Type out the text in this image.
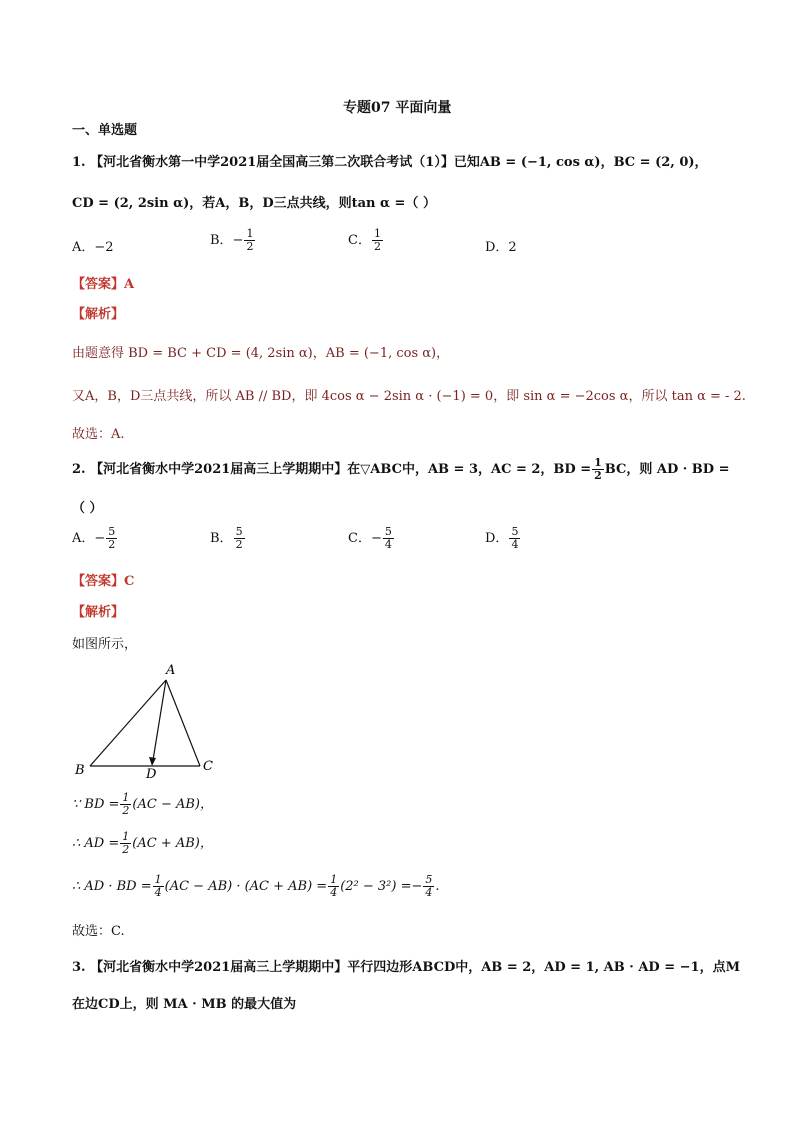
专题07 平面向量
一、单选题
1. 【河北省衡水第一中学2021届全国高三第二次联合考试（1）】已知AB = (−1, cos α)，BC = (2, 0)，
CD = (2, 2sin α)，若A，B，D三点共线，则tan α =（ ）
A．−2	B．− $\frac{1}{2}$	C． $\frac{1}{2}$	D．2
【答案】A
【解析】
由题意得 BD = BC + CD = (4, 2sin α)，AB = (−1, cos α)，
又A，B，D三点共线，所以 AB // BD，即 4cos α − 2sin α · (−1) = 0，即 sin α = −2cos α，所以 tan α = - 2.
故选：A.
2. 【河北省衡水中学2021届高三上学期期中】在▽ABC中，AB = 3，AC = 2，BD = $\frac{1}{2}$ BC，则 AD · BD =
（ ）
A．− $\frac{5}{2}$	B． $\frac{5}{2}$	C．− $\frac{5}{4}$	D． $\frac{5}{4}$
【答案】C
【解析】
如图所示，
A
B	C
D
∵ BD = $\frac{1}{2} (AC - AB)$，
∴ AD = $\frac{1}{2} (AC + AB)$，
∴ AD · BD = $\frac{1}{4} (AC - AB) \cdot (AC + AB) = \frac{1}{4} (2^2 - 3^2) =- \frac{5}{4}$ .
故选：C.
3. 【河北省衡水中学2021届高三上学期期中】平行四边形ABCD中，AB = 2，AD = 1, AB · AD = −1，点M
在边CD上，则 MA · MB 的最大值为
